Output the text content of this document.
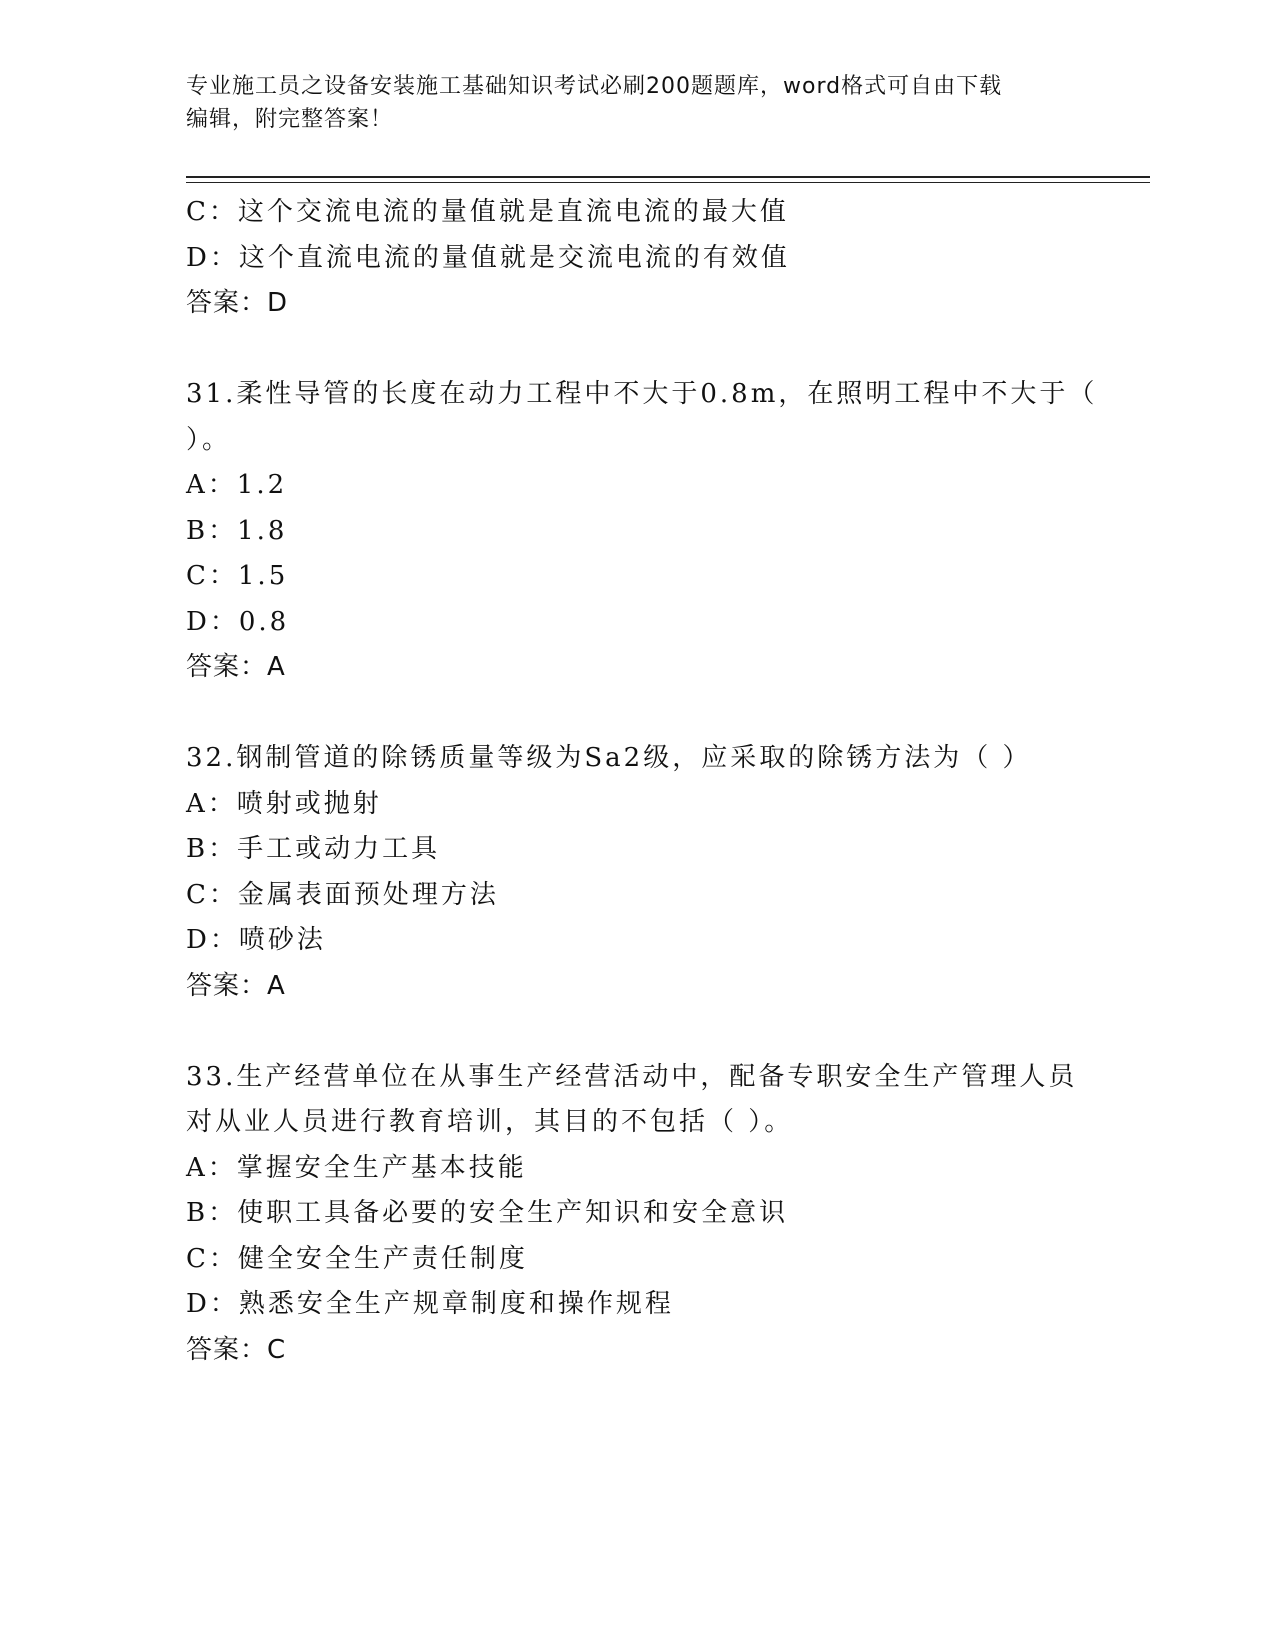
专业施工员之设备安装施工基础知识考试必刷200题题库，word格式可自由下载
编辑，附完整答案！
C：这个交流电流的量值就是直流电流的最大值
D：这个直流电流的量值就是交流电流的有效值
答案：D
31.柔性导管的长度在动力工程中不大于0.8m，在照明工程中不大于（
）。
A：1.2
B：1.8
C：1.5
D：0.8
答案：A
32.钢制管道的除锈质量等级为Sa2级，应采取的除锈方法为（ ）
A：喷射或抛射
B：手工或动力工具
C：金属表面预处理方法
D：喷砂法
答案：A
33.生产经营单位在从事生产经营活动中，配备专职安全生产管理人员
对从业人员进行教育培训，其目的不包括（ ）。
A：掌握安全生产基本技能
B：使职工具备必要的安全生产知识和安全意识
C：健全安全生产责任制度
D：熟悉安全生产规章制度和操作规程
答案：C
